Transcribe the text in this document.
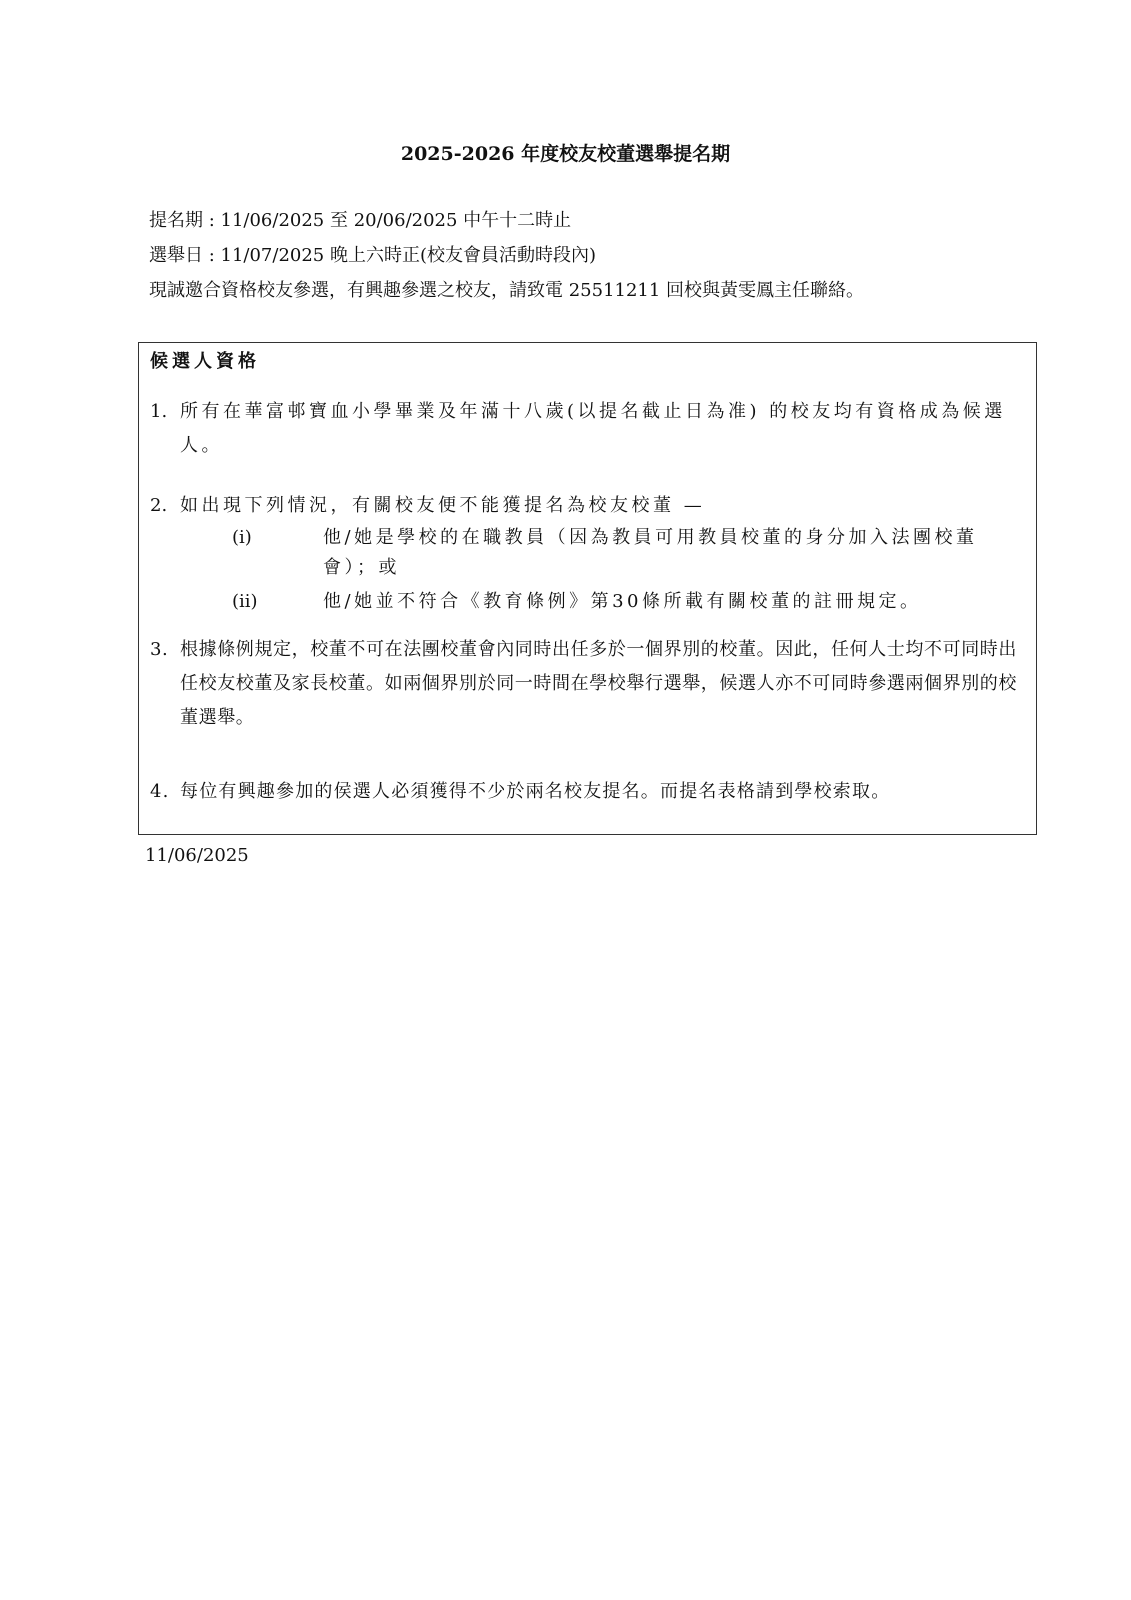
2025-2026 年度校友校董選舉提名期
提名期 : 11/06/2025 至 20/06/2025 中午十二時止
選舉日 : 11/07/2025 晚上六時正(校友會員活動時段內)
現誠邀合資格校友參選，有興趣參選之校友，請致電 25511211 回校與黃雯鳳主任聯絡。
候選人資格
1. 所有在華富邨寶血小學畢業及年滿十八歲(以提名截止日為准) 的校友均有資格成為候選人。
2. 如出現下列情況，有關校友便不能獲提名為校友校董 —
(i)	他/她是學校的在職教員（因為教員可用教員校董的身分加入法團校董會）；或
(ii)	他/她並不符合《教育條例》第30條所載有關校董的註冊規定。
3. 根據條例規定，校董不可在法團校董會內同時出任多於一個界別的校董。因此，任何人士均不可同時出任校友校董及家長校董。如兩個界別於同一時間在學校舉行選舉，候選人亦不可同時參選兩個界別的校董選舉。
4. 每位有興趣參加的侯選人必須獲得不少於兩名校友提名。而提名表格請到學校索取。
11/06/2025
